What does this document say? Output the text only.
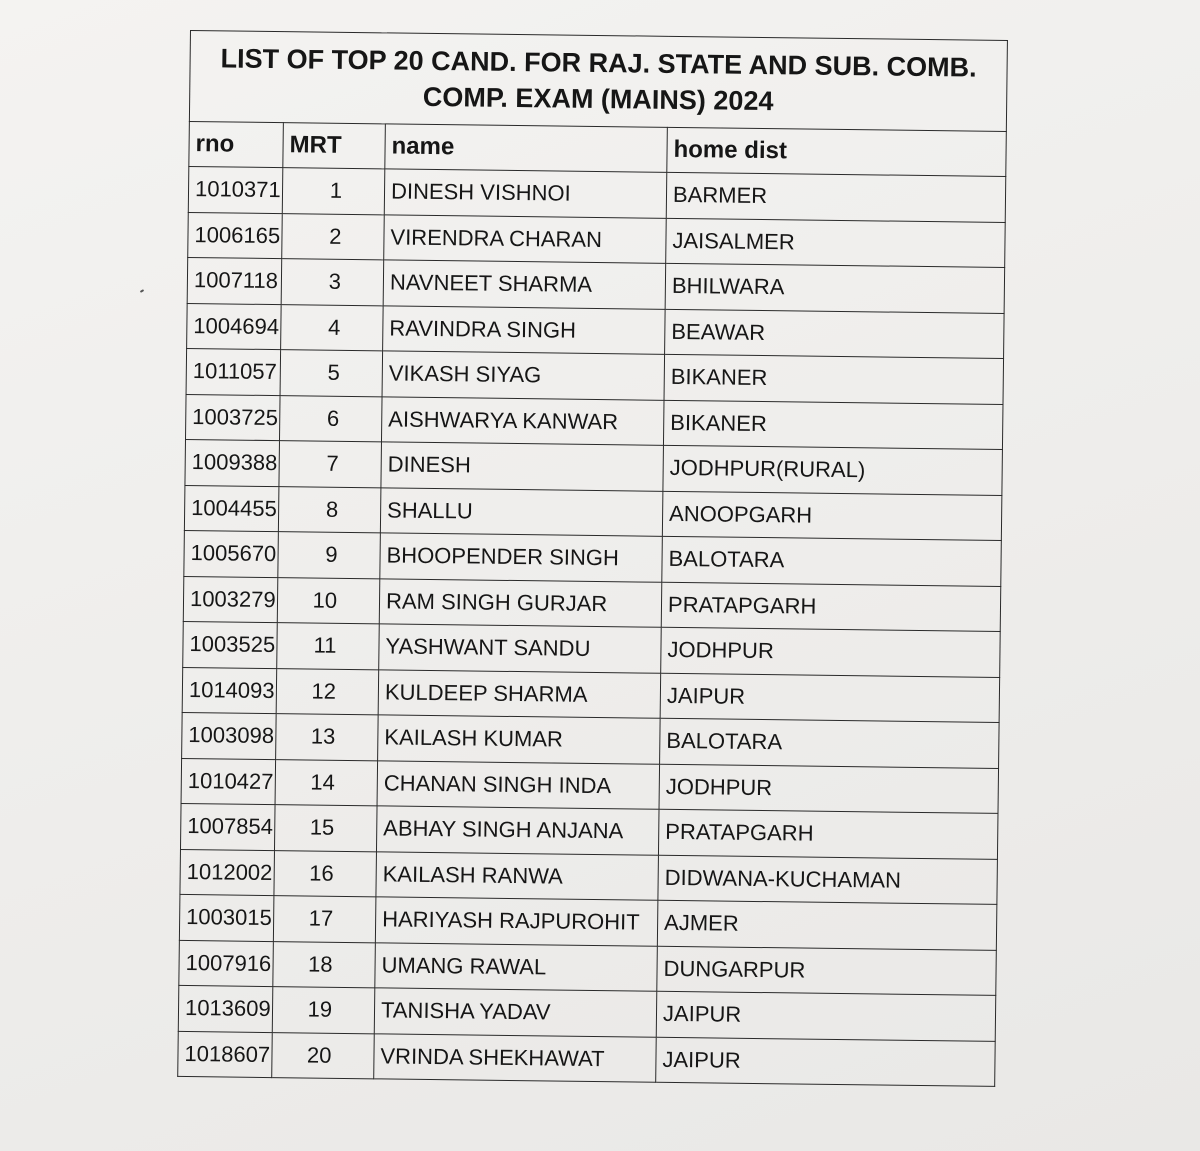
LIST OF TOP 20 CAND. FOR RAJ. STATE AND SUB. COMB.
COMP. EXAM (MAINS) 2024			

rno	MRT	name	home dist
1010371	1	DINESH VISHNOI	BARMER
1006165	2	VIRENDRA CHARAN	JAISALMER
1007118	3	NAVNEET SHARMA	BHILWARA
1004694	4	RAVINDRA SINGH	BEAWAR
1011057	5	VIKASH SIYAG	BIKANER
1003725	6	AISHWARYA KANWAR	BIKANER
1009388	7	DINESH	JODHPUR(RURAL)
1004455	8	SHALLU	ANOOPGARH
1005670	9	BHOOPENDER SINGH	BALOTARA
1003279	10	RAM SINGH GURJAR	PRATAPGARH
1003525	11	YASHWANT SANDU	JODHPUR
1014093	12	KULDEEP SHARMA	JAIPUR
1003098	13	KAILASH KUMAR	BALOTARA
1010427	14	CHANAN SINGH INDA	JODHPUR
1007854	15	ABHAY SINGH ANJANA	PRATAPGARH
1012002	16	KAILASH RANWA	DIDWANA-KUCHAMAN
1003015	17	HARIYASH RAJPUROHIT	AJMER
1007916	18	UMANG RAWAL	DUNGARPUR
1013609	19	TANISHA YADAV	JAIPUR
1018607	20	VRINDA SHEKHAWAT	JAIPUR
